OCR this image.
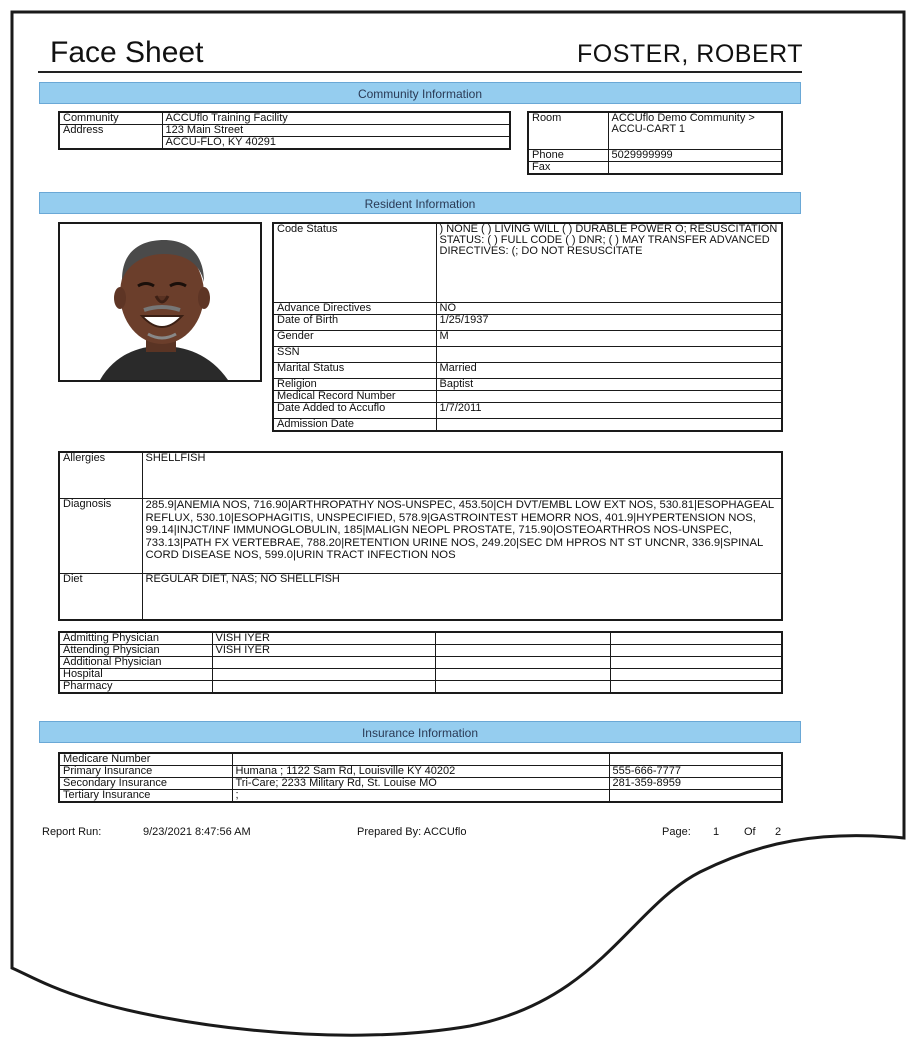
Face Sheet	FOSTER, ROBERT
Community Information
Community	ACCUflo Training Facility
Address	123 Main Street
	ACCU-FLO, KY 40291
Room	ACCUflo Demo Community > ACCU-CART 1
Phone	5029999999
Fax	
Resident Information
Code Status	) NONE ( ) LIVING WILL ( ) DURABLE POWER O; RESUSCITATION STATUS: ( ) FULL CODE ( ) DNR; ( ) MAY TRANSFER ADVANCED DIRECTIVES: (; DO NOT RESUSCITATE
Advance Directives	NO
Date of Birth	1/25/1937
Gender	M
SSN	
Marital Status	Married
Religion	Baptist
Medical Record Number	
Date Added to Accuflo	1/7/2011
Admission Date	
Allergies	SHELLFISH
Diagnosis	285.9|ANEMIA NOS, 716.90|ARTHROPATHY NOS-UNSPEC, 453.50|CH DVT/EMBL LOW EXT NOS, 530.81|ESOPHAGEAL REFLUX, 530.10|ESOPHAGITIS, UNSPECIFIED, 578.9|GASTROINTEST HEMORR NOS, 401.9|HYPERTENSION NOS, 99.14|INJCT/INF IMMUNOGLOBULIN, 185|MALIGN NEOPL PROSTATE, 715.90|OSTEOARTHROS NOS-UNSPEC, 733.13|PATH FX VERTEBRAE, 788.20|RETENTION URINE NOS, 249.20|SEC DM HPROS NT ST UNCNR, 336.9|SPINAL CORD DISEASE NOS, 599.0|URIN TRACT INFECTION NOS
Diet	REGULAR DIET, NAS; NO SHELLFISH
Admitting Physician	VISH IYER		
Attending Physician	VISH IYER		
Additional Physician			
Hospital			
Pharmacy			
Insurance Information
Medicare Number		
Primary Insurance	Humana ; 1122 Sam Rd, Louisville KY 40202	555-666-7777
Secondary Insurance	Tri-Care; 2233 Military Rd, St. Louise MO	281-359-8959
Tertiary Insurance	;	
Report Run:	9/23/2021 8:47:56 AM	Prepared By: ACCUflo	Page: 1 Of 2
